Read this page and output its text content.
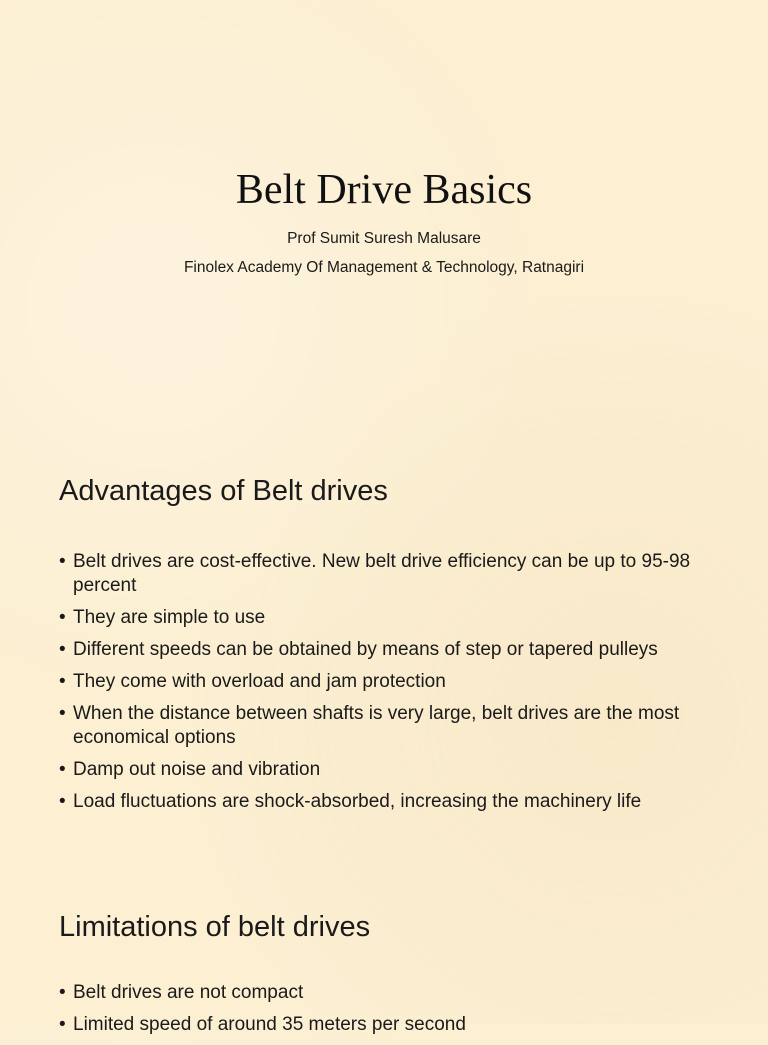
Belt Drive Basics

Prof Sumit Suresh Malusare

Finolex Academy Of Management & Technology, Ratnagiri

Advantages of Belt drives
• Belt drives are cost-effective. New belt drive efficiency can be up to 95-98 percent
• They are simple to use
• Different speeds can be obtained by means of step or tapered pulleys
• They come with overload and jam protection
• When the distance between shafts is very large, belt drives are the most economical options
• Damp out noise and vibration
• Load fluctuations are shock-absorbed, increasing the machinery life
Limitations of belt drives
• Belt drives are not compact
• Limited speed of around 35 meters per second
